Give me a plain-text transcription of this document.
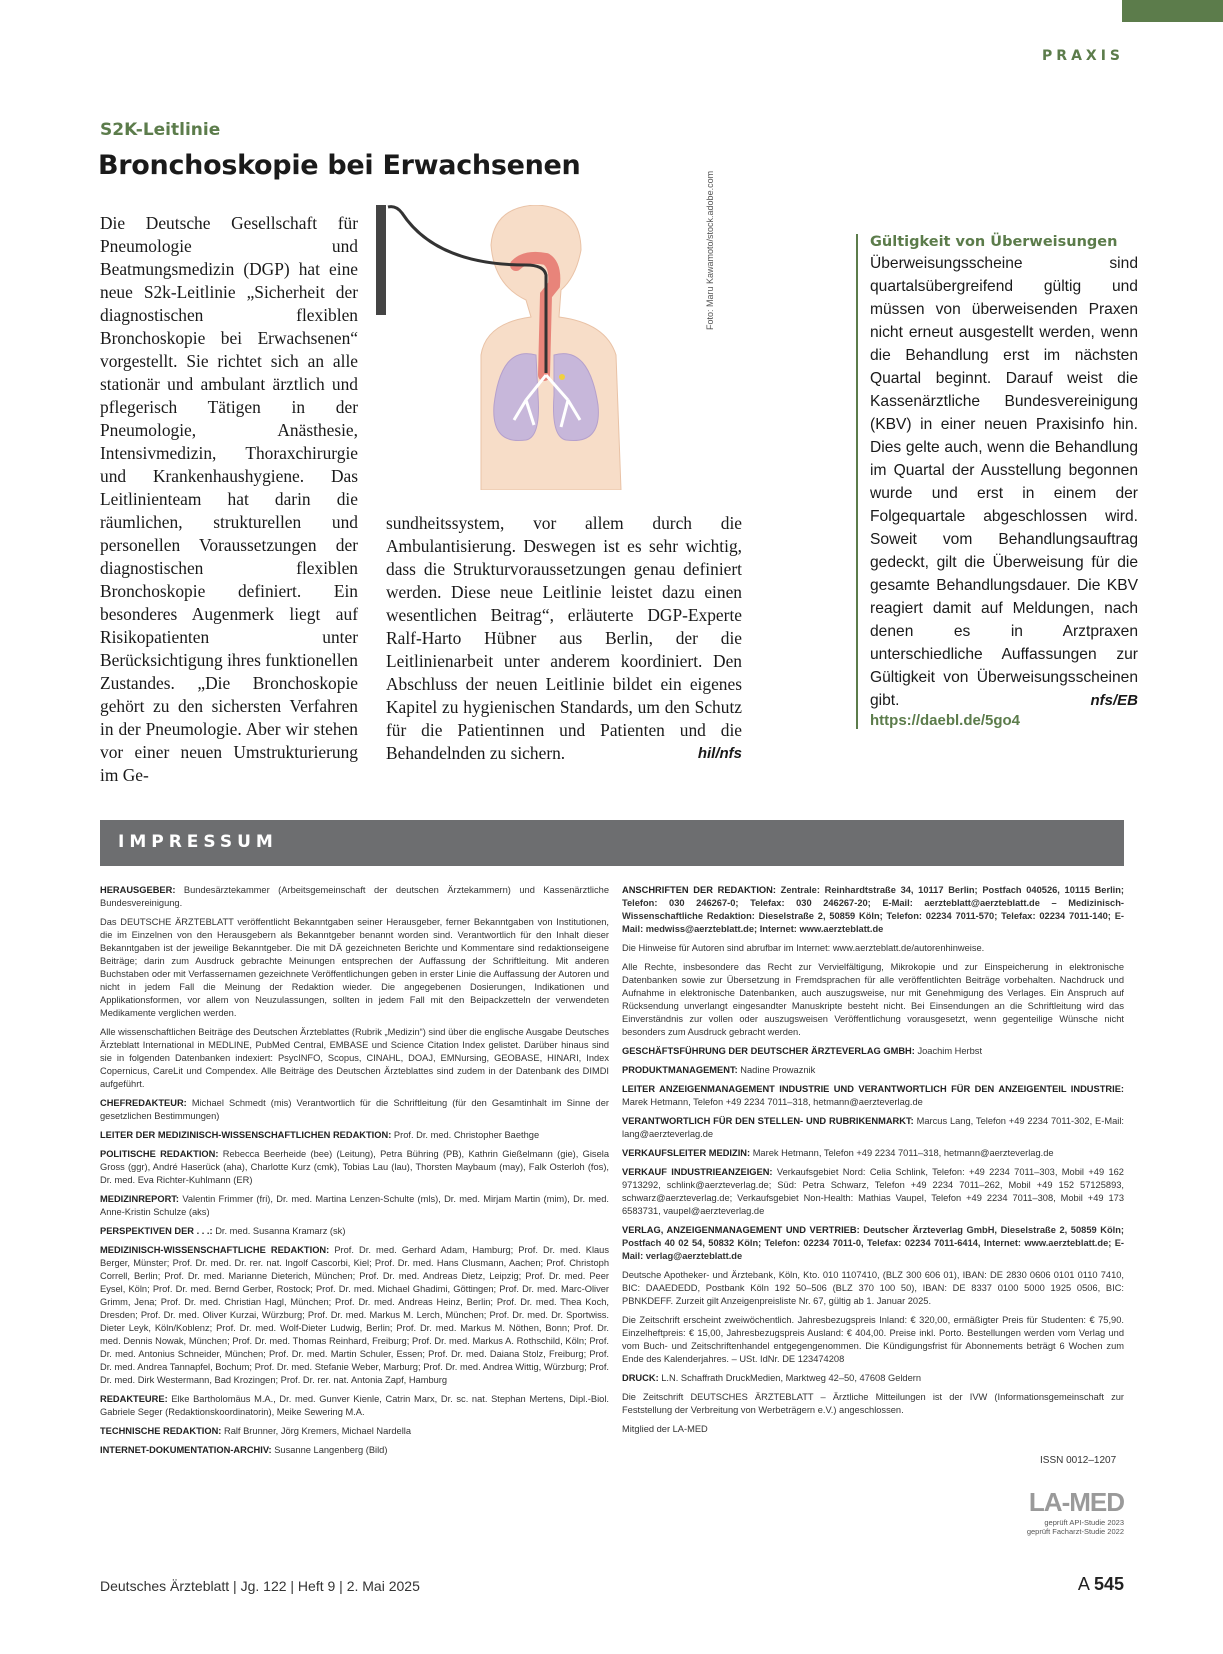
PRAXIS
S2K-Leitlinie
Bronchoskopie bei Erwachsenen

Die Deutsche Gesellschaft für Pneumologie und Beatmungsmedizin (DGP) hat eine neue S2k-Leitlinie „Sicherheit der diagnostischen flexiblen Bronchoskopie bei Erwachsenen“ vorgestellt. Sie richtet sich an alle stationär und ambulant ärztlich und pflegerisch Tätigen in der Pneumologie, Anästhesie, Intensivmedizin, Thoraxchirurgie und Krankenhaushygiene. Das Leitlinienteam hat darin die räumlichen, strukturellen und personellen Voraussetzungen der diagnostischen flexiblen Bronchoskopie definiert. Ein besonderes Augenmerk liegt auf Risikopatienten unter Berücksichtigung ihres funktionellen Zustandes. „Die Bronchoskopie gehört zu den sichersten Verfahren in der Pneumologie. Aber wir stehen vor einer neuen Umstrukturierung im Ge-

Foto: Maru Kawamoto/stock.adobe.com

sundheitssystem, vor allem durch die Ambulantisierung. Deswegen ist es sehr wichtig, dass die Strukturvoraussetzungen genau definiert werden. Diese neue Leitlinie leistet dazu einen wesentlichen Beitrag“, erläuterte DGP-Experte Ralf-Harto Hübner aus Berlin, der die Leitlinienarbeit unter anderem koordiniert. Den Abschluss der neuen Leitlinie bildet ein eigenes Kapitel zu hygienischen Standards, um den Schutz für die Patientinnen und Patienten und die Behandelnden zu sichern.	hil/nfs

Gültigkeit von Überweisungen
Überweisungsscheine sind quartalsübergreifend gültig und müssen von überweisenden Praxen nicht erneut ausgestellt werden, wenn die Behandlung erst im nächsten Quartal beginnt. Darauf weist die Kassenärztliche Bundesvereinigung (KBV) in einer neuen Praxisinfo hin. Dies gelte auch, wenn die Behandlung im Quartal der Ausstellung begonnen wurde und erst in einem der Folgequartale abgeschlossen wird. Soweit vom Behandlungsauftrag gedeckt, gilt die Überweisung für die gesamte Behandlungsdauer. Die KBV reagiert damit auf Meldungen, nach denen es in Arztpraxen unterschiedliche Auffassungen zur Gültigkeit von Überweisungsscheinen gibt.	nfs/EB
https://daebl.de/5go4
IMPRESSUM

HERAUSGEBER: Bundesärztekammer (Arbeitsgemeinschaft der deutschen Ärztekammern) und Kassenärztliche Bundesvereinigung.

Das DEUTSCHE ÄRZTEBLATT veröffentlicht Bekanntgaben seiner Herausgeber, ferner Bekanntgaben von Institutionen, die im Einzelnen von den Herausgebern als Bekanntgeber benannt worden sind. Verantwortlich für den Inhalt dieser Bekanntgaben ist der jeweilige Bekanntgeber. Die mit DÄ gezeichneten Berichte und Kommentare sind redaktionseigene Beiträge; darin zum Ausdruck gebrachte Meinungen entsprechen der Auffassung der Schriftleitung. Mit anderen Buchstaben oder mit Verfassernamen gezeichnete Veröffentlichungen geben in erster Linie die Auffassung der Autoren und nicht in jedem Fall die Meinung der Redaktion wieder. Die angegebenen Dosierungen, Indikationen und Applikationsformen, vor allem von Neuzulassungen, sollten in jedem Fall mit den Beipackzetteln der verwendeten Medikamente verglichen werden.

Alle wissenschaftlichen Beiträge des Deutschen Ärzteblattes (Rubrik „Medizin“) sind über die englische Ausgabe Deutsches Ärzteblatt International in MEDLINE, PubMed Central, EMBASE und Science Citation Index gelistet. Darüber hinaus sind sie in folgenden Datenbanken indexiert: PsycINFO, Scopus, CINAHL, DOAJ, EMNursing, GEOBASE, HINARI, Index Copernicus, CareLit und Compendex. Alle Beiträge des Deutschen Ärzteblattes sind zudem in der Datenbank des DIMDI aufgeführt.

CHEFREDAKTEUR: Michael Schmedt (mis) Verantwortlich für die Schriftleitung (für den Gesamtinhalt im Sinne der gesetzlichen Bestimmungen)

LEITER DER MEDIZINISCH-WISSENSCHAFTLICHEN REDAKTION: Prof. Dr. med. Christopher Baethge

POLITISCHE REDAKTION: Rebecca Beerheide (bee) (Leitung), Petra Bühring (PB), Kathrin Gießelmann (gie), Gisela Gross (ggr), André Haserück (aha), Charlotte Kurz (cmk), Tobias Lau (lau), Thorsten Maybaum (may), Falk Osterloh (fos), Dr. med. Eva Richter-Kuhlmann (ER)

MEDIZINREPORT: Valentin Frimmer (fri), Dr. med. Martina Lenzen-Schulte (mls), Dr. med. Mirjam Martin (mim), Dr. med. Anne-Kristin Schulze (aks)

PERSPEKTIVEN DER . . .: Dr. med. Susanna Kramarz (sk)

MEDIZINISCH-WISSENSCHAFTLICHE REDAKTION: Prof. Dr. med. Gerhard Adam, Hamburg; Prof. Dr. med. Klaus Berger, Münster; Prof. Dr. med. Dr. rer. nat. Ingolf Cascorbi, Kiel; Prof. Dr. med. Hans Clusmann, Aachen; Prof. Christoph Correll, Berlin; Prof. Dr. med. Marianne Dieterich, München; Prof. Dr. med. Andreas Dietz, Leipzig; Prof. Dr. med. Peer Eysel, Köln; Prof. Dr. med. Bernd Gerber, Rostock; Prof. Dr. med. Michael Ghadimi, Göttingen; Prof. Dr. med. Marc-Oliver Grimm, Jena; Prof. Dr. med. Christian Hagl, München; Prof. Dr. med. Andreas Heinz, Berlin; Prof. Dr. med. Thea Koch, Dresden; Prof. Dr. med. Oliver Kurzai, Würzburg; Prof. Dr. med. Markus M. Lerch, München; Prof. Dr. med. Dr. Sportwiss. Dieter Leyk, Köln/Koblenz; Prof. Dr. med. Wolf-Dieter Ludwig, Berlin; Prof. Dr. med. Markus M. Nöthen, Bonn; Prof. Dr. med. Dennis Nowak, München; Prof. Dr. med. Thomas Reinhard, Freiburg; Prof. Dr. med. Markus A. Rothschild, Köln; Prof. Dr. med. Antonius Schneider, München; Prof. Dr. med. Martin Schuler, Essen; Prof. Dr. med. Daiana Stolz, Freiburg; Prof. Dr. med. Andrea Tannapfel, Bochum; Prof. Dr. med. Stefanie Weber, Marburg; Prof. Dr. med. Andrea Wittig, Würzburg; Prof. Dr. med. Dirk Westermann, Bad Krozingen; Prof. Dr. rer. nat. Antonia Zapf, Hamburg

REDAKTEURE: Elke Bartholomäus M.A., Dr. med. Gunver Kienle, Catrin Marx, Dr. sc. nat. Stephan Mertens, Dipl.-Biol. Gabriele Seger (Redaktionskoordinatorin), Meike Sewering M.A.

TECHNISCHE REDAKTION: Ralf Brunner, Jörg Kremers, Michael Nardella

INTERNET-DOKUMENTATION-ARCHIV: Susanne Langenberg (Bild)

ANSCHRIFTEN DER REDAKTION: Zentrale: Reinhardtstraße 34, 10117 Berlin; Postfach 040526, 10115 Berlin; Telefon: 030 246267-0; Telefax: 030 246267-20; E-Mail: aerzteblatt@aerzteblatt.de – Medizinisch-Wissenschaftliche Redaktion: Dieselstraße 2, 50859 Köln; Telefon: 02234 7011-570; Telefax: 02234 7011-140; E-Mail: medwiss@aerzteblatt.de; Internet: www.aerzteblatt.de

Die Hinweise für Autoren sind abrufbar im Internet: www.aerzteblatt.de/autorenhinweise.

Alle Rechte, insbesondere das Recht zur Vervielfältigung, Mikrokopie und zur Einspeicherung in elektronische Datenbanken sowie zur Übersetzung in Fremdsprachen für alle veröffentlichten Beiträge vorbehalten. Nachdruck und Aufnahme in elektronische Datenbanken, auch auszugsweise, nur mit Genehmigung des Verlages. Ein Anspruch auf Rücksendung unverlangt eingesandter Manuskripte besteht nicht. Bei Einsendungen an die Schriftleitung wird das Einverständnis zur vollen oder auszugsweisen Veröffentlichung vorausgesetzt, wenn gegenteilige Wünsche nicht besonders zum Ausdruck gebracht werden.

GESCHÄFTSFÜHRUNG DER DEUTSCHER ÄRZTEVERLAG GMBH: Joachim Herbst

PRODUKTMANAGEMENT: Nadine Prowaznik

LEITER ANZEIGENMANAGEMENT INDUSTRIE UND VERANTWORTLICH FÜR DEN ANZEIGENTEIL INDUSTRIE: Marek Hetmann, Telefon +49 2234 7011–318, hetmann@aerzteverlag.de

VERANTWORTLICH FÜR DEN STELLEN- UND RUBRIKENMARKT: Marcus Lang, Telefon +49 2234 7011-302, E-Mail: lang@aerzteverlag.de

VERKAUFSLEITER MEDIZIN: Marek Hetmann, Telefon +49 2234 7011–318, hetmann@aerzteverlag.de

VERKAUF INDUSTRIEANZEIGEN: Verkaufsgebiet Nord: Celia Schlink, Telefon: +49 2234 7011–303, Mobil +49 162 9713292, schlink@aerzteverlag.de; Süd: Petra Schwarz, Telefon +49 2234 7011–262, Mobil +49 152 57125893, schwarz@aerzteverlag.de; Verkaufsgebiet Non-Health: Mathias Vaupel, Telefon +49 2234 7011–308, Mobil +49 173 6583731, vaupel@aerzteverlag.de

VERLAG, ANZEIGENMANAGEMENT UND VERTRIEB: Deutscher Ärzteverlag GmbH, Dieselstraße 2, 50859 Köln; Postfach 40 02 54, 50832 Köln; Telefon: 02234 7011-0, Telefax: 02234 7011-6414, Internet: www.aerzteblatt.de; E-Mail: verlag@aerzteblatt.de

Deutsche Apotheker- und Ärztebank, Köln, Kto. 010 1107410, (BLZ 300 606 01), IBAN: DE 2830 0606 0101 0110 7410, BIC: DAAEDEDD, Postbank Köln 192 50–506 (BLZ 370 100 50), IBAN: DE 8337 0100 5000 1925 0506, BIC: PBNKDEFF. Zurzeit gilt Anzeigenpreisliste Nr. 67, gültig ab 1. Januar 2025.

Die Zeitschrift erscheint zweiwöchentlich. Jahresbezugspreis Inland: € 320,00, ermäßigter Preis für Studenten: € 75,90. Einzelheftpreis: € 15,00, Jahresbezugspreis Ausland: € 404,00. Preise inkl. Porto. Bestellungen werden vom Verlag und vom Buch- und Zeitschriftenhandel entgegengenommen. Die Kündigungsfrist für Abonnements beträgt 6 Wochen zum Ende des Kalenderjahres. – USt. IdNr. DE 123474208

DRUCK: L.N. Schaffrath DruckMedien, Marktweg 42–50, 47608 Geldern

Die Zeitschrift DEUTSCHES ÄRZTEBLATT – Ärztliche Mitteilungen ist der IVW (Informationsgemeinschaft zur Feststellung der Verbreitung von Werbeträgern e.V.) angeschlossen.

Mitglied der LA-MED

ISSN 0012–1207
LA-MED
geprüft API-Studie 2023
geprüft Facharzt-Studie 2022
Deutsches Ärzteblatt | Jg. 122 | Heft 9 | 2. Mai 2025	A 545
